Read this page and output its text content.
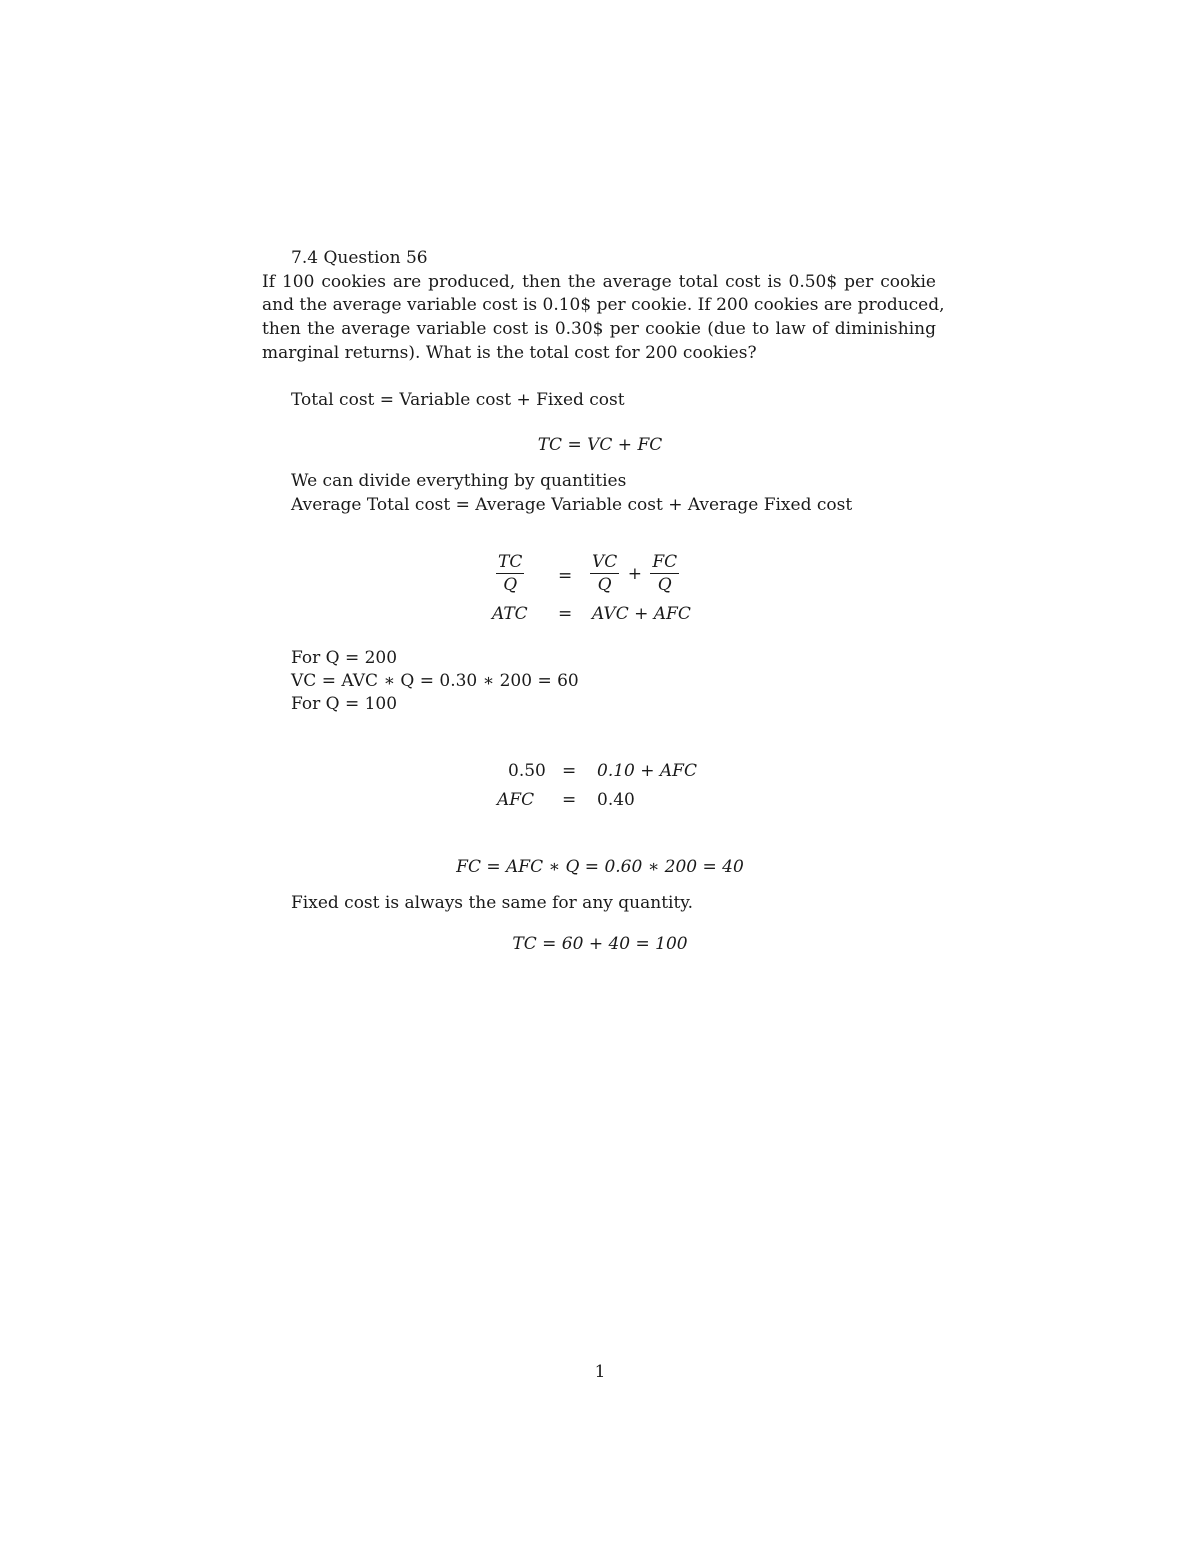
7.4 Question 56
If 100 cookies are produced, then the average total cost is 0.50$ per cookie
and the average variable cost is 0.10$ per cookie. If 200 cookies are produced,
then the average variable cost is 0.30$ per cookie (due to law of diminishing
marginal returns). What is the total cost for 200 cookies?
Total cost = Variable cost + Fixed cost
TC = VC + FC
We can divide everything by quantities
Average Total cost = Average Variable cost + Average Fixed cost
$\frac{TC}{Q} = \frac{VC}{Q} + \frac{FC}{Q}$
ATC = AVC + AFC
For Q = 200
VC = AVC ∗ Q = 0.30 ∗ 200 = 60
For Q = 100
0.50 = 0.10 + AFC
AFC = 0.40
FC = AFC ∗ Q = 0.60 ∗ 200 = 40
Fixed cost is always the same for any quantity.
TC = 60 + 40 = 100
1
